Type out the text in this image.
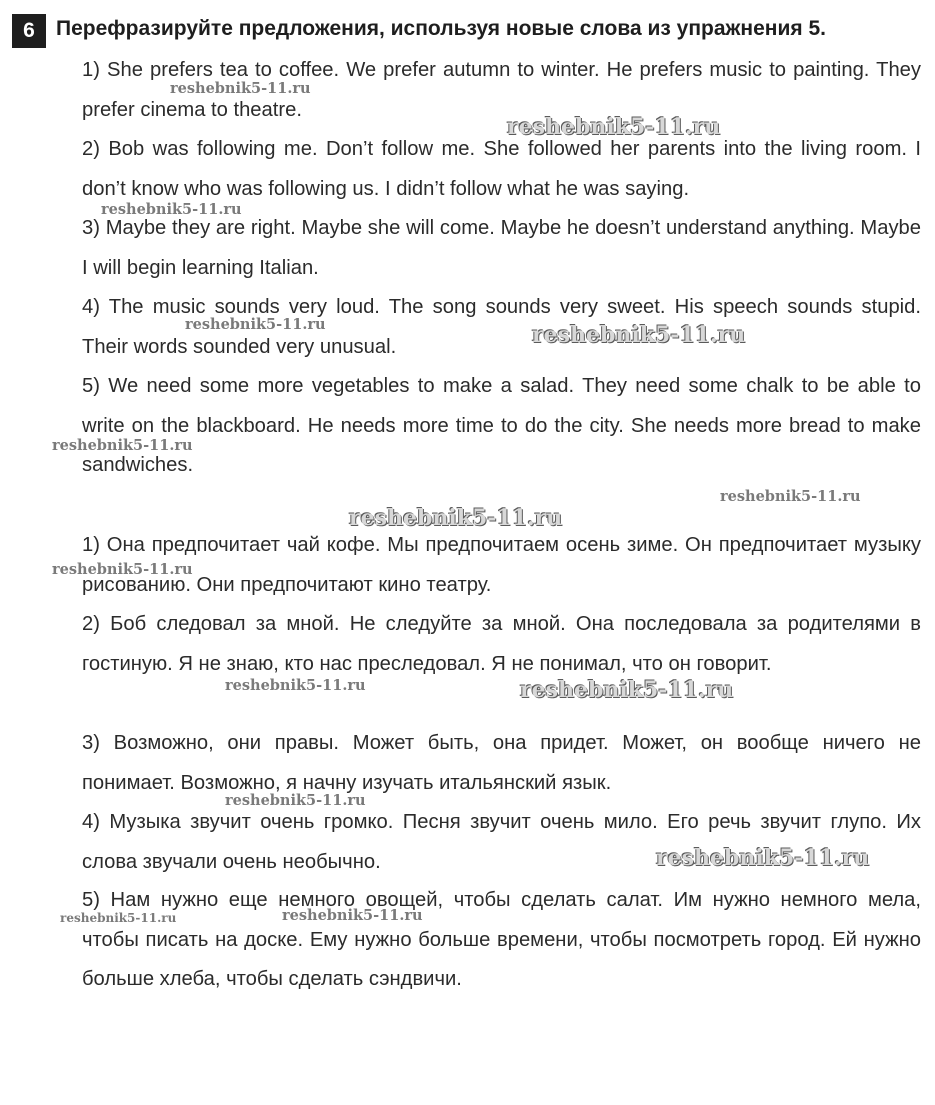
6	Перефразируйте предложения, используя новые слова из упражнения 5.

1) She prefers tea to coffee. We prefer autumn to winter. He prefers music to painting. They prefer cinema to theatre.

2) Bob was following me. Don’t follow me. She followed her parents into the living room. I don’t know who was following us. I didn’t follow what he was saying.

3) Maybe they are right. Maybe she will come. Maybe he doesn’t understand anything. Maybe I will begin learning Italian.

4) The music sounds very loud. The song sounds very sweet. His speech sounds stupid. Their words sounded very unusual.

5) We need some more vegetables to make a salad. They need some chalk to be able to write on the blackboard. He needs more time to do the city. She needs more bread to make sandwiches.

1) Она предпочитает чай кофе. Мы предпочитаем осень зиме. Он предпочитает музыку рисованию. Они предпочитают кино театру.

2) Боб следовал за мной. Не следуйте за мной. Она последовала за родителями в гостиную. Я не знаю, кто нас преследовал. Я не понимал, что он говорит.

3) Возможно, они правы. Может быть, она придет. Может, он вообще ничего не понимает. Возможно, я начну изучать итальянский язык.

4) Музыка звучит очень громко. Песня звучит очень мило. Его речь звучит глупо. Их слова звучали очень необычно.

5) Нам нужно еще немного овощей, чтобы сделать салат. Им нужно немного мела, чтобы писать на доске. Ему нужно больше времени, чтобы посмотреть город. Ей нужно больше хлеба, чтобы сделать сэндвичи.

reshebnik5-11.ru
reshebnik5-11.ru
reshebnik5-11.ru
reshebnik5-11.ru	reshebnik5-11.ru
reshebnik5-11.ru
reshebnik5-11.ru
reshebnik5-11.ru
reshebnik5-11.ru
reshebnik5-11.ru	reshebnik5-11.ru
reshebnik5-11.ru
reshebnik5-11.ru
reshebnik5-11.ru	reshebnik5-11.ru
